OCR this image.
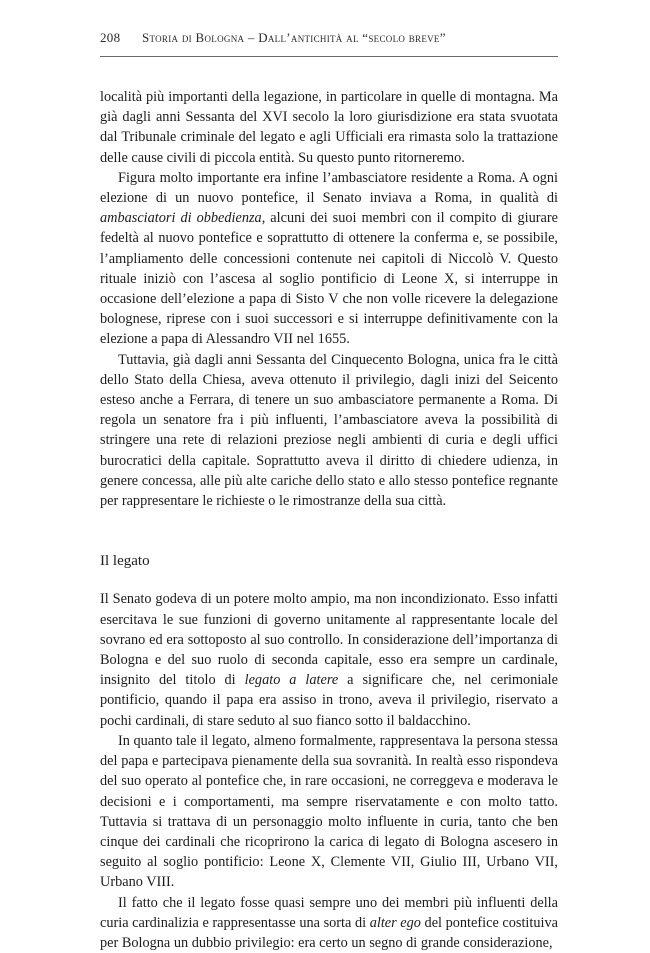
208 Storia di Bologna – Dall’antichità al “secolo breve”

località più importanti della legazione, in particolare in quelle di montagna. Ma già dagli anni Sessanta del XVI secolo la loro giurisdizione era stata svuotata dal Tribunale criminale del legato e agli Ufficiali era rimasta solo la trattazione delle cause civili di piccola entità. Su questo punto ritorneremo.

Figura molto importante era infine l’ambasciatore residente a Roma. A ogni elezione di un nuovo pontefice, il Senato inviava a Roma, in qualità di ambasciatori di obbedienza, alcuni dei suoi membri con il compito di giurare fedeltà al nuovo pontefice e soprattutto di ottenere la conferma e, se possibile, l’ampliamento delle concessioni contenute nei capitoli di Niccolò V. Questo rituale iniziò con l’ascesa al soglio pontificio di Leone X, si interruppe in occasione dell’elezione a papa di Sisto V che non volle ricevere la delegazione bolognese, riprese con i suoi successori e si interruppe definitivamente con la elezione a papa di Alessandro VII nel 1655.

Tuttavia, già dagli anni Sessanta del Cinquecento Bologna, unica fra le città dello Stato della Chiesa, aveva ottenuto il privilegio, dagli inizi del Seicento esteso anche a Ferrara, di tenere un suo ambasciatore permanente a Roma. Di regola un senatore fra i più influenti, l’ambasciatore aveva la possibilità di stringere una rete di relazioni preziose negli ambienti di curia e degli uffici burocratici della capitale. Soprattutto aveva il diritto di chiedere udienza, in genere concessa, alle più alte cariche dello stato e allo stesso pontefice regnante per rappresentare le richieste o le rimostranze della sua città.

Il legato

Il Senato godeva di un potere molto ampio, ma non incondizionato. Esso infatti esercitava le sue funzioni di governo unitamente al rappresentante locale del sovrano ed era sottoposto al suo controllo. In considerazione dell’importanza di Bologna e del suo ruolo di seconda capitale, esso era sempre un cardinale, insignito del titolo di legato a latere a significare che, nel cerimoniale pontificio, quando il papa era assiso in trono, aveva il privilegio, riservato a pochi cardinali, di stare seduto al suo fianco sotto il baldacchino.

In quanto tale il legato, almeno formalmente, rappresentava la persona stessa del papa e partecipava pienamente della sua sovranità. In realtà esso rispondeva del suo operato al pontefice che, in rare occasioni, ne correggeva e moderava le decisioni e i comportamenti, ma sempre riservatamente e con molto tatto. Tuttavia si trattava di un personaggio molto influente in curia, tanto che ben cinque dei cardinali che ricoprirono la carica di legato di Bologna ascesero in seguito al soglio pontificio: Leone X, Clemente VII, Giulio III, Urbano VII, Urbano VIII.

Il fatto che il legato fosse quasi sempre uno dei membri più influenti della curia cardinalizia e rappresentasse una sorta di alter ego del pontefice costituiva per Bologna un dubbio privilegio: era certo un segno di grande considerazione,
